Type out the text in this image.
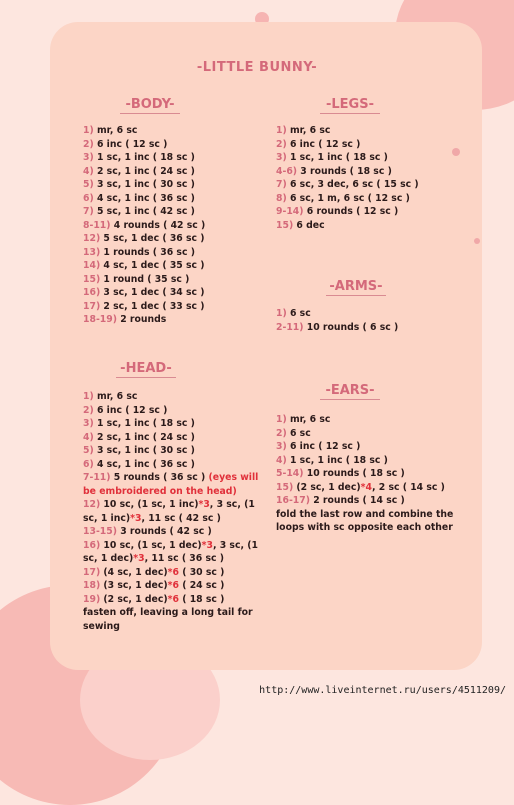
-LITTLE BUNNY-
-BODY-
1) mr, 6 sc
2) 6 inc ( 12 sc )
3) 1 sc, 1 inc ( 18 sc )
4) 2 sc, 1 inc ( 24 sc )
5) 3 sc, 1 inc ( 30 sc )
6) 4 sc, 1 inc ( 36 sc )
7) 5 sc, 1 inc ( 42 sc )
8-11) 4 rounds ( 42 sc )
12) 5 sc, 1 dec ( 36 sc )
13) 1 rounds ( 36 sc )
14) 4 sc, 1 dec ( 35 sc )
15) 1 round ( 35 sc )
16) 3 sc, 1 dec ( 34 sc )
17) 2 sc, 1 dec ( 33 sc )
18-19) 2 rounds
-LEGS-
1) mr, 6 sc
2) 6 inc ( 12 sc )
3) 1 sc, 1 inc ( 18 sc )
4-6) 3 rounds ( 18 sc )
7) 6 sc, 3 dec, 6 sc ( 15 sc )
8) 6 sc, 1 m, 6 sc ( 12 sc )
9-14) 6 rounds ( 12 sc )
15) 6 dec
-ARMS-
1) 6 sc
2-11) 10 rounds ( 6 sc )
-HEAD-
1) mr, 6 sc
2) 6 inc ( 12 sc )
3) 1 sc, 1 inc ( 18 sc )
4) 2 sc, 1 inc ( 24 sc )
5) 3 sc, 1 inc ( 30 sc )
6) 4 sc, 1 inc ( 36 sc )
7-11) 5 rounds ( 36 sc ) (eyes will be embroidered on the head)
12) 10 sc, (1 sc, 1 inc)*3, 3 sc, (1 sc, 1 inc)*3, 11 sc ( 42 sc )
13-15) 3 rounds ( 42 sc )
16) 10 sc, (1 sc, 1 dec)*3, 3 sc, (1 sc, 1 dec)*3, 11 sc ( 36 sc )
17) (4 sc, 1 dec)*6 ( 30 sc )
18) (3 sc, 1 dec)*6 ( 24 sc )
19) (2 sc, 1 dec)*6 ( 18 sc )
fasten off, leaving a long tail for sewing
-EARS-
1) mr, 6 sc
2) 6 sc
3) 6 inc ( 12 sc )
4) 1 sc, 1 inc ( 18 sc )
5-14) 10 rounds ( 18 sc )
15) (2 sc, 1 dec)*4, 2 sc ( 14 sc )
16-17) 2 rounds ( 14 sc )
fold the last row and combine the loops with sc opposite each other
http://www.liveinternet.ru/users/4511209/
